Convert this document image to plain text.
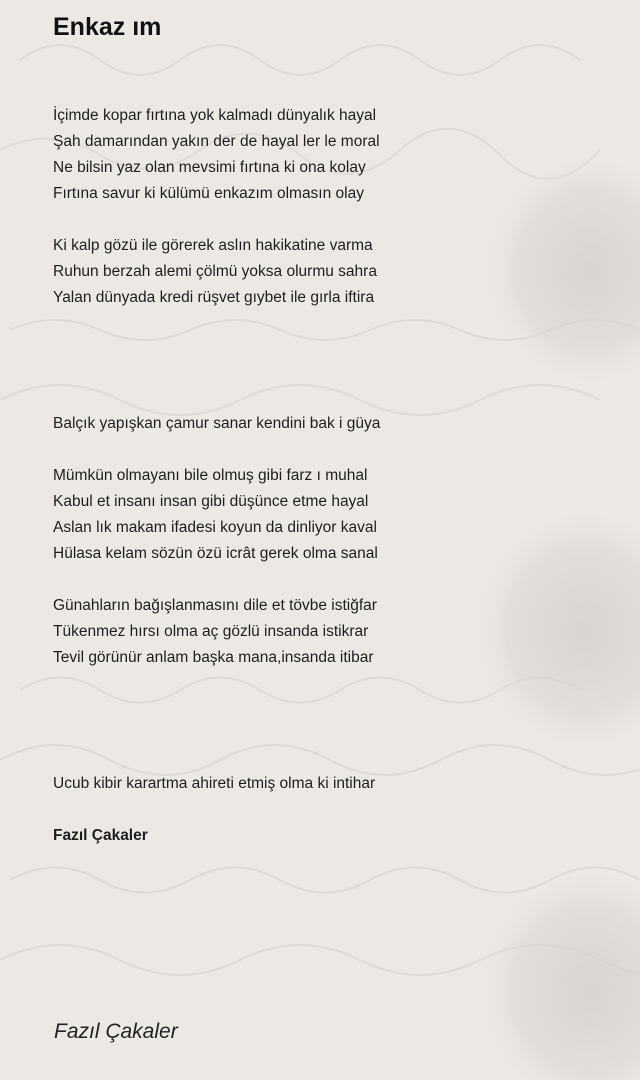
Enkaz ım

İçimde kopar fırtına yok kalmadı dünyalık hayal

Şah damarından yakın der de hayal ler le moral

Ne bilsin yaz olan mevsimi fırtına ki ona kolay

Fırtına savur ki külümü enkazım olmasın olay

Ki kalp gözü ile görerek aslın hakikatine varma

Ruhun berzah alemi çölmü yoksa olurmu sahra

Yalan dünyada kredi rüşvet gıybet ile gırla iftira

Balçık yapışkan çamur sanar kendini bak i güya

Mümkün olmayanı bile olmuş gibi farz ı muhal

Kabul et insanı insan gibi düşünce etme hayal

Aslan lık makam ifadesi koyun da dinliyor kaval

Hülasa kelam sözün özü icrât gerek olma sanal

Günahların bağışlanmasını dile et tövbe istiğfar

Tükenmez hırsı olma aç gözlü insanda istikrar

Tevil görünür anlam başka mana,insanda itibar

Ucub kibir karartma ahireti etmiş olma ki intihar

Fazıl Çakaler

Fazıl Çakaler
